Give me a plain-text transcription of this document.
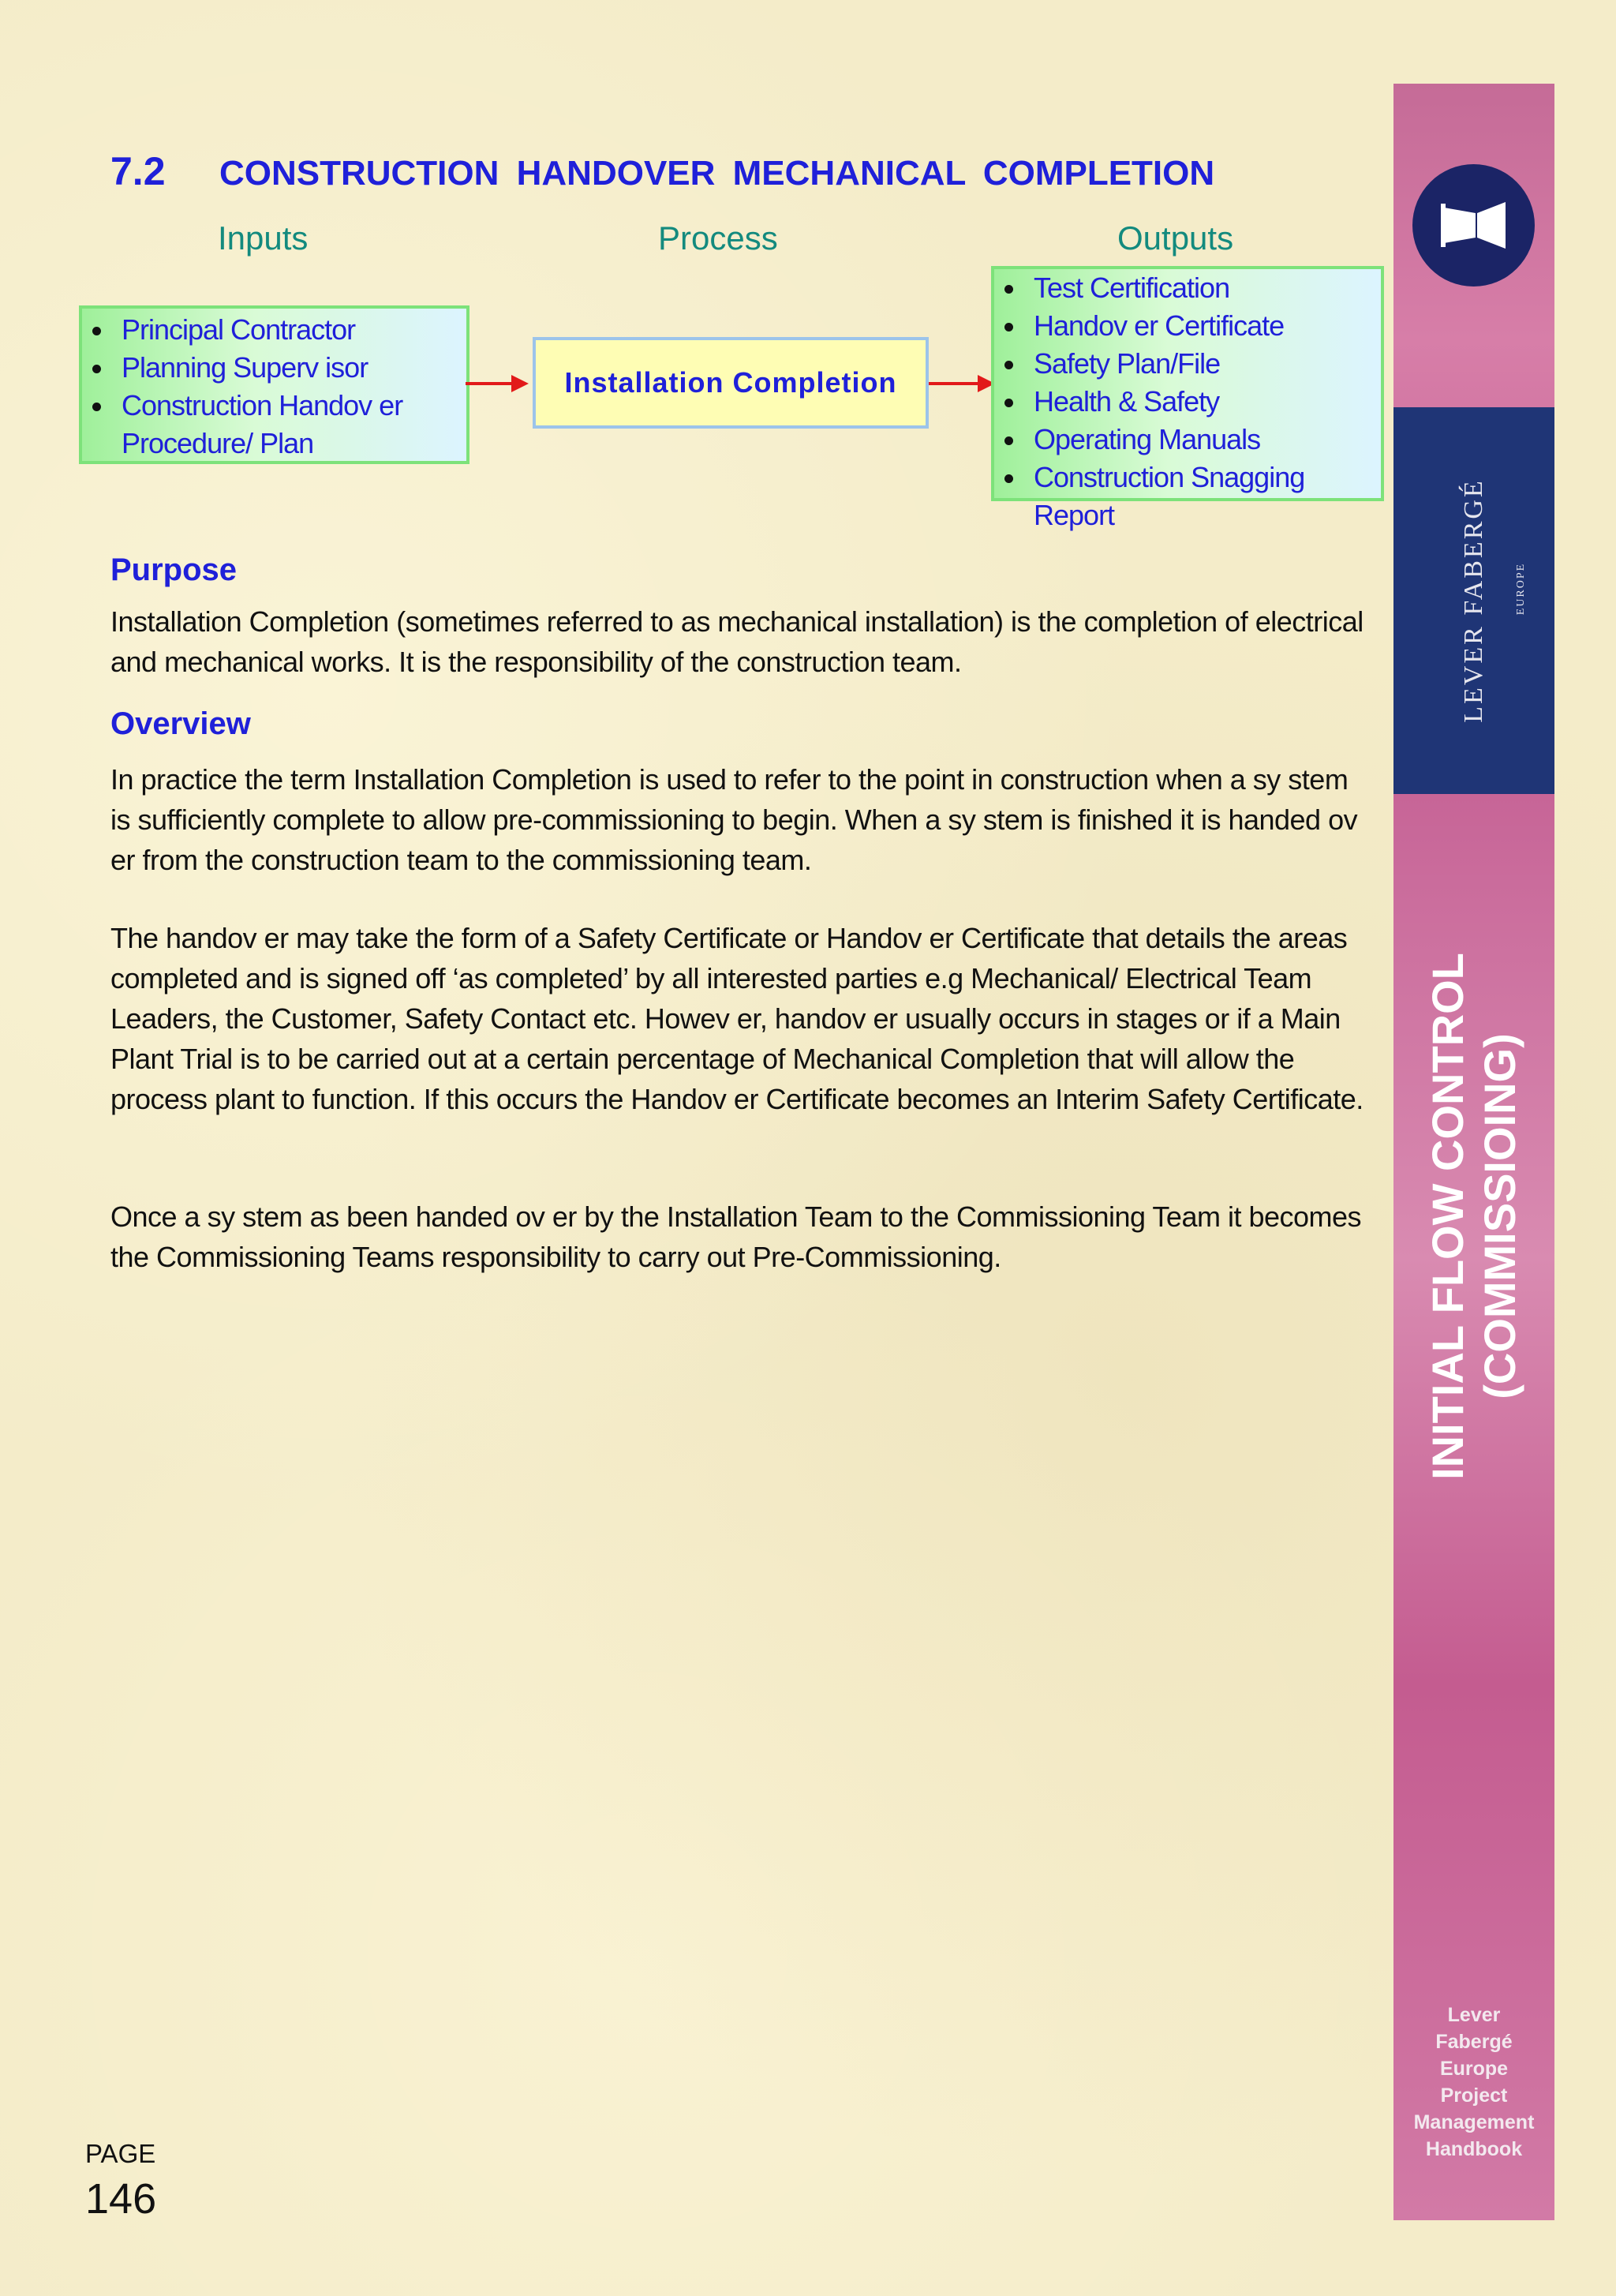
7.2 CONSTRUCTION HANDOVER MECHANICAL COMPLETION
Inputs	Process	Outputs
Principal Contractor
Planning Superv isor
Construction Handov er
Procedure/ Plan
Installation Completion
Test Certification
Handov er Certificate
Safety Plan/File
Health & Safety
Operating Manuals
Construction Snagging Report
Purpose
Installation Completion (sometimes referred to as mechanical installation) is the completion of electrical and mechanical works. It is the responsibility of the construction team.
Overview
In practice the term Installation Completion is used to refer to the point in construction when a sy stem is sufficiently complete to allow pre-commissioning to begin. When a sy stem is finished it is handed ov er from the construction team to the commissioning team.
The handov er may take the form of a Safety Certificate or Handov er Certificate that details the areas completed and is signed off ‘as completed’ by all interested parties e.g Mechanical/ Electrical Team Leaders, the Customer, Safety Contact etc. Howev er, handov er usually occurs in stages or if a Main Plant Trial is to be carried out at a certain percentage of Mechanical Completion that will allow the process plant to function. If this occurs the Handov er Certificate becomes an Interim Safety Certificate.
Once a sy stem as been handed ov er by the Installation Team to the Commissioning Team it becomes the Commissioning Teams responsibility to carry out Pre-Commissioning.
PAGE
146
LEVER FABERGÉ EUROPE
INITIAL FLOW CONTROL (COMMISSIOING)
Lever
Fabergé
Europe
Project
Management
Handbook
